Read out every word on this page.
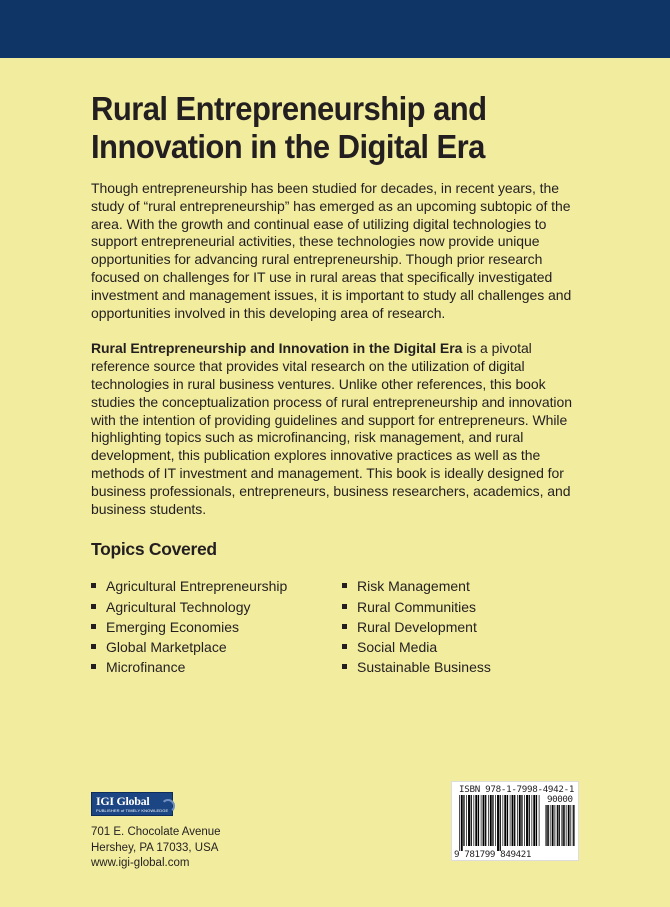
Rural Entrepreneurship and
Innovation in the Digital Era

Though entrepreneurship has been studied for decades, in recent years, the study of “rural entrepreneurship” has emerged as an upcoming subtopic of the area. With the growth and continual ease of utilizing digital technologies to support entrepreneurial activities, these technologies now provide unique opportunities for advancing rural entrepreneurship. Though prior research focused on challenges for IT use in rural areas that specifically investigated investment and management issues, it is important to study all challenges and opportunities involved in this developing area of research.

Rural Entrepreneurship and Innovation in the Digital Era is a pivotal reference source that provides vital research on the utilization of digital technologies in rural business ventures. Unlike other references, this book studies the conceptualization process of rural entrepreneurship and innovation with the intention of providing guidelines and support for entrepreneurs. While highlighting topics such as microfinancing, risk management, and rural development, this publication explores innovative practices as well as the methods of IT investment and management. This book is ideally designed for business professionals, entrepreneurs, business researchers, academics, and business students.

Topics Covered
Agricultural Entrepreneurship
Agricultural Technology
Emerging Economies
Global Marketplace
Microfinance
Risk Management
Rural Communities
Rural Development
Social Media
Sustainable Business
IGI Global
PUBLISHER of TIMELY KNOWLEDGE
701 E. Chocolate Avenue
Hershey, PA 17033, USA
www.igi-global.com
ISBN 978-1-7998-4942-1
90000
9 781799 849421
